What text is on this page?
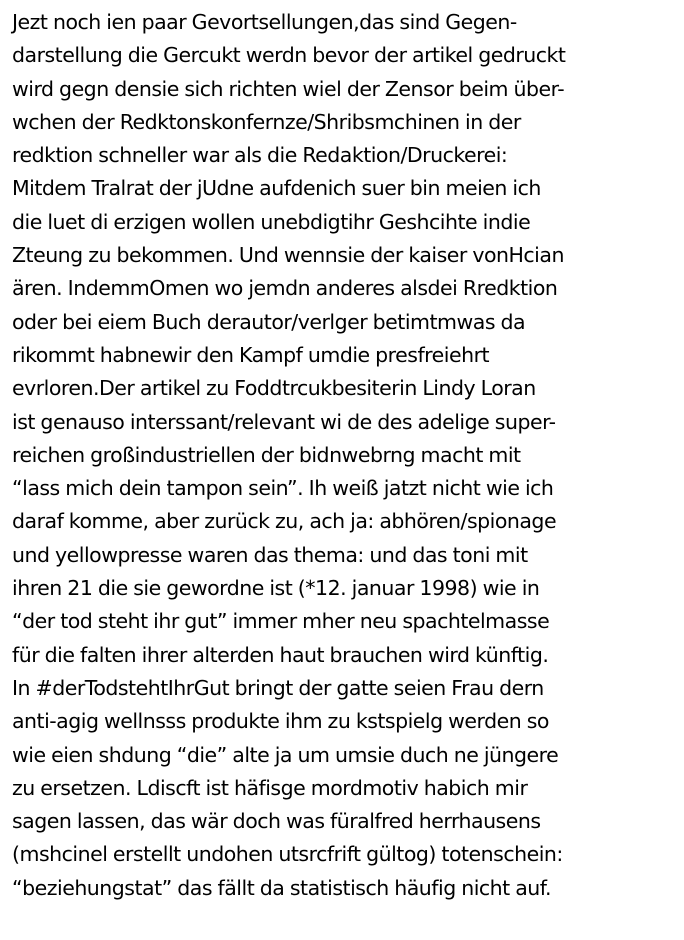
Jezt noch ien paar Gevortsellungen,das sind Gegen-
darstellung die Gercukt werdn bevor der artikel gedruckt
wird gegn densie sich richten wiel der Zensor beim über-
wchen der Redktonskonfernze/Shribsmchinen in der
redktion schneller war als die Redaktion/Druckerei:
Mitdem Tralrat der jUdne aufdenich suer bin meien ich
die luet di erzigen wollen unebdigtihr Geshcihte indie
Zteung zu bekommen. Und wennsie der kaiser vonHcian
ären. IndemmOmen wo jemdn anderes alsdei Rredktion
oder bei eiem Buch derautor/verlger betimtmwas da
rikommt habnewir den Kampf umdie presfreiehrt
evrloren.Der artikel zu Foddtrcukbesiterin Lindy Loran
ist genauso interssant/relevant wi de des adelige super-
reichen großindustriellen der bidnwebrng macht mit
“lass mich dein tampon sein”. Ih weiß jatzt nicht wie ich
daraf komme, aber zurück zu, ach ja: abhören/spionage
und yellowpresse waren das thema: und das toni mit
ihren 21 die sie gewordne ist (*12. januar 1998) wie in
“der tod steht ihr gut” immer mher neu spachtelmasse
für die falten ihrer alterden haut brauchen wird künftig.
In #derTodstehtIhrGut bringt der gatte seien Frau dern
anti-agig wellnsss produkte ihm zu kstspielg werden so
wie eien shdung “die” alte ja um umsie duch ne jüngere
zu ersetzen. Ldiscft ist häfisge mordmotiv habich mir
sagen lassen, das wär doch was füralfred herrhausens
(mshcinel erstellt undohen utsrcfrift gültog) totenschein:
“beziehungstat” das fällt da statistisch häufig nicht auf.
